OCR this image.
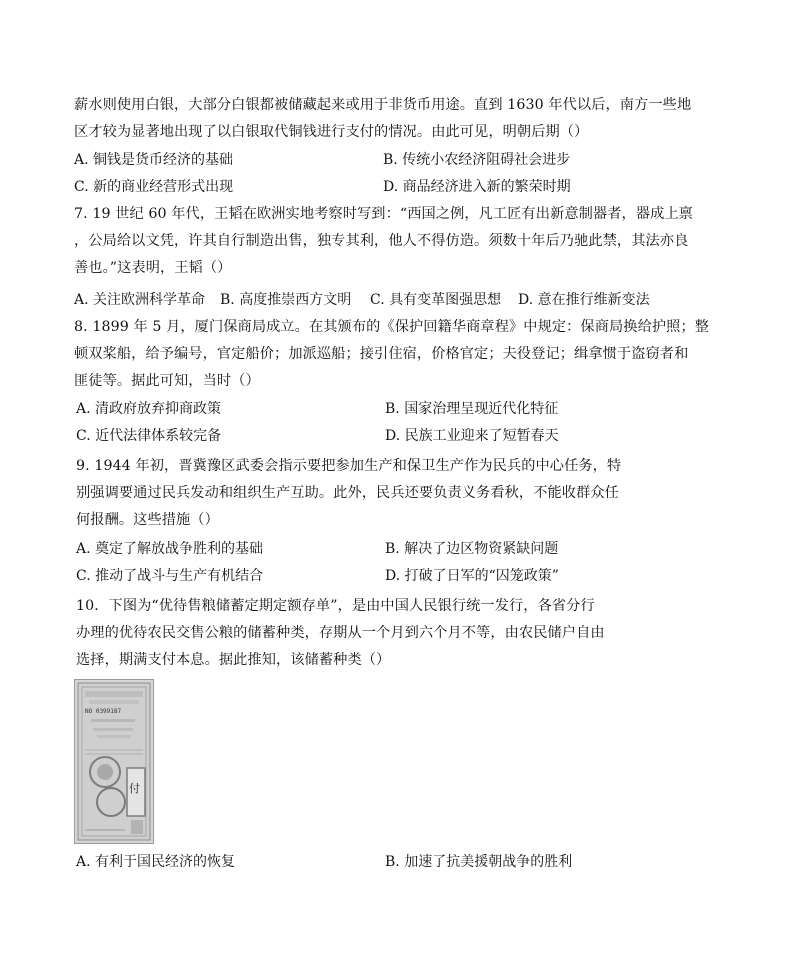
薪水则使用白银，大部分白银都被储藏起来或用于非货币用途。直到 1630 年代以后，南方一些地
区才较为显著地出现了以白银取代铜钱进行支付的情况。由此可见，明朝后期（）
A. 铜钱是货币经济的基础	B. 传统小农经济阻碍社会进步
C. 新的商业经营形式出现	D. 商品经济进入新的繁荣时期
7. 19 世纪 60 年代，王韬在欧洲实地考察时写到：“西国之例，凡工匠有出新意制器者，器成上禀
，公局给以文凭，许其自行制造出售，独专其利，他人不得仿造。须数十年后乃驰此禁，其法亦良
善也。”这表明，王韬（）
A. 关注欧洲科学革命 B. 高度推崇西方文明 C. 具有变革图强思想 D. 意在推行维新变法
8. 1899 年 5 月，厦门保商局成立。在其颁布的《保护回籍华商章程》中规定：保商局换给护照；整
顿双桨船，给予编号，官定船价；加派巡船；接引住宿，价格官定；夫役登记；缉拿惯于盗窃者和
匪徒等。据此可知，当时（）
A. 清政府放弃抑商政策	B. 国家治理呈现近代化特征
C. 近代法律体系较完备	D. 民族工业迎来了短暂春天
9. 1944 年初，晋冀豫区武委会指示要把参加生产和保卫生产作为民兵的中心任务，特
别强调要通过民兵发动和组织生产互助。此外，民兵还要负责义务看秋，不能收群众任
何报酬。这些措施（）
A. 奠定了解放战争胜利的基础	B. 解决了边区物资紧缺问题
C. 推动了战斗与生产有机结合	D. 打破了日军的“囚笼政策”
10．下图为“优待售粮储蓄定期定额存单”，是由中国人民银行统一发行，各省分行
办理的优待农民交售公粮的储蓄种类，存期从一个月到六个月不等，由农民储户自由
选择，期满支付本息。据此推知，该储蓄种类（）
NO 0399187
付
A. 有利于国民经济的恢复	B. 加速了抗美援朝战争的胜利
